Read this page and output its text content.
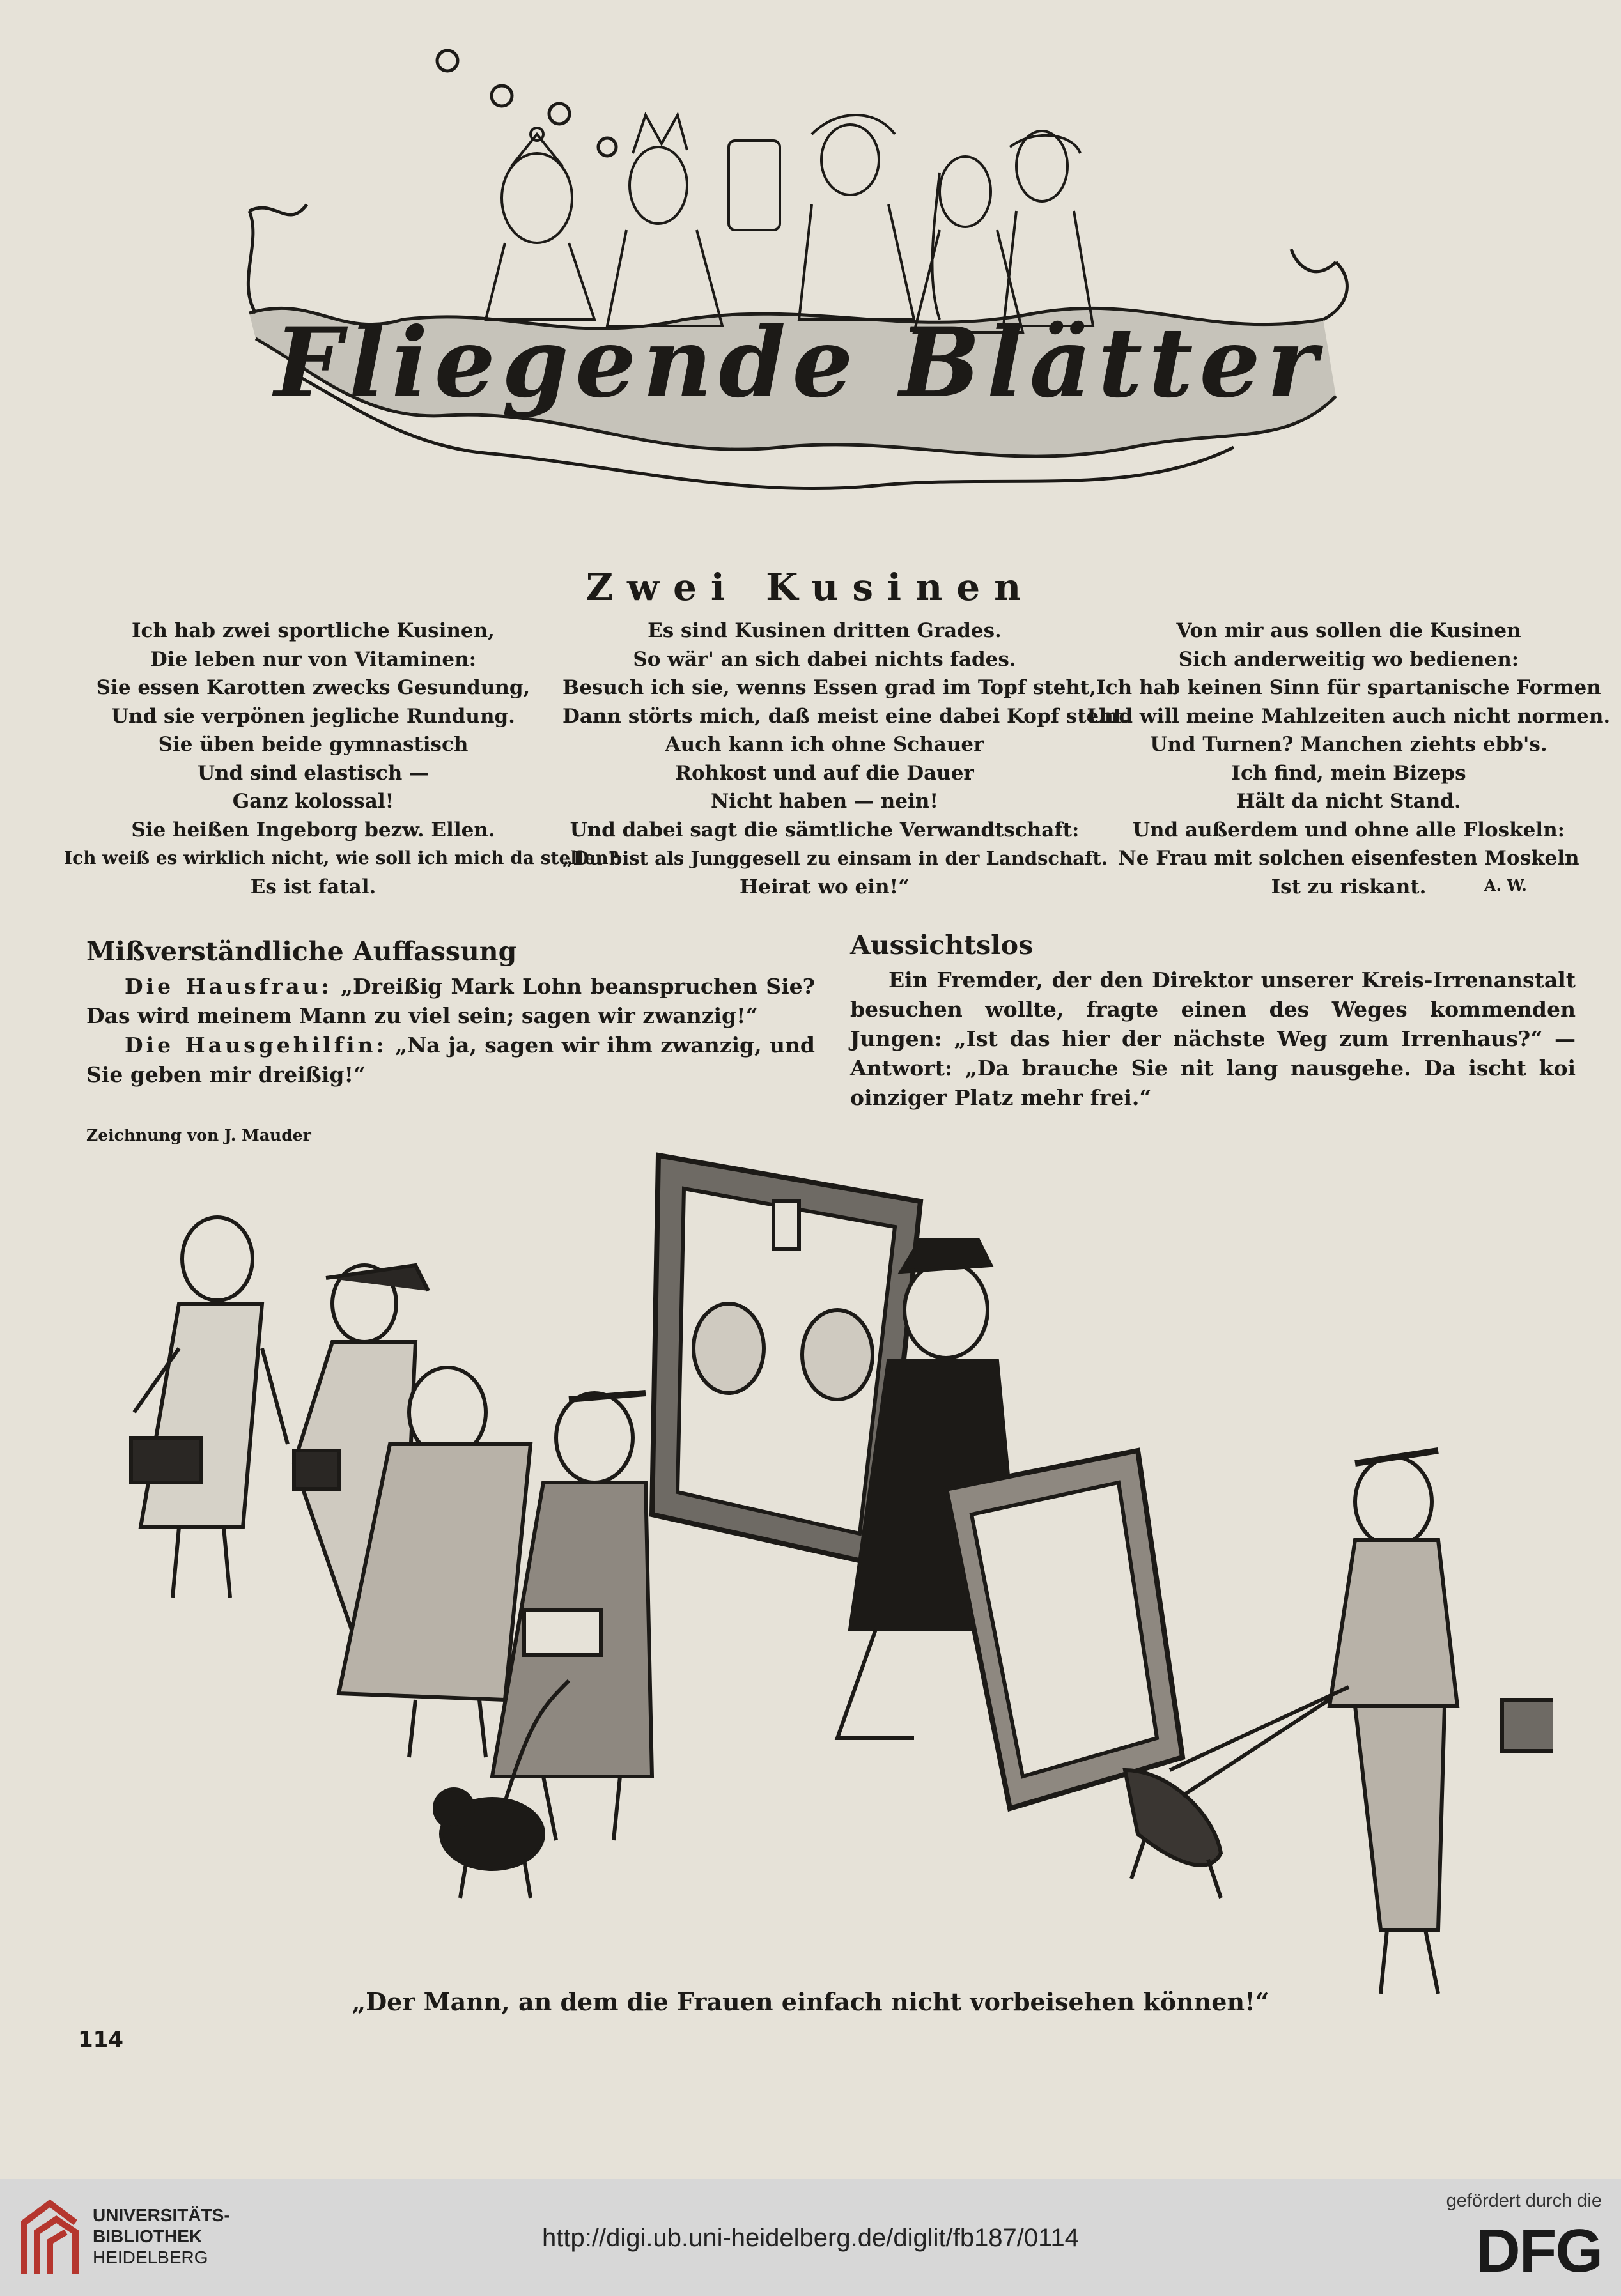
Fliegende Blätter
Zwei Kusinen
Ich hab zwei sportliche Kusinen,
Die leben nur von Vitaminen:
Sie essen Karotten zwecks Gesundung,
Und sie verpönen jegliche Rundung.
Sie üben beide gymnastisch
Und sind elastisch —
Ganz kolossal!
Sie heißen Ingeborg bezw. Ellen.
Ich weiß es wirklich nicht, wie soll ich mich da stellen?
Es ist fatal.
Es sind Kusinen dritten Grades.
So wär' an sich dabei nichts fades.
Besuch ich sie, wenns Essen grad im Topf steht,
Dann störts mich, daß meist eine dabei Kopf steht.
Auch kann ich ohne Schauer
Rohkost und auf die Dauer
Nicht haben — nein!
Und dabei sagt die sämtliche Verwandtschaft:
„Du bist als Junggesell zu einsam in der Landschaft.
Heirat wo ein!“
Von mir aus sollen die Kusinen
Sich anderweitig wo bedienen:
Ich hab keinen Sinn für spartanische Formen
Und will meine Mahlzeiten auch nicht normen.
Und Turnen? Manchen ziehts ebb's.
Ich find, mein Bizeps
Hält da nicht Stand.
Und außerdem und ohne alle Floskeln:
Ne Frau mit solchen eisenfesten Moskeln
Ist zu riskant.	A. W.
Mißverständliche Auffassung

Die Hausfrau: „Dreißig Mark Lohn beanspruchen Sie? Das wird meinem Mann zu viel sein; sagen wir zwanzig!“

Die Hausgehilfin: „Na ja, sagen wir ihm zwanzig, und Sie geben mir dreißig!“

Aussichtslos

Ein Fremder, der den Direktor unserer Kreis-Irrenanstalt besuchen wollte, fragte einen des Weges kommenden Jungen: „Ist das hier der nächste Weg zum Irrenhaus?“ — Antwort: „Da brauche Sie nit lang nausgehe. Da ischt koi oinziger Platz mehr frei.“

Zeichnung von J. Mauder
„Der Mann, an dem die Frauen einfach nicht vorbeisehen können!“
114
UNIVERSITÄTS-
BIBLIOTHEK
HEIDELBERG
http://digi.ub.uni-heidelberg.de/diglit/fb187/0114
gefördert durch die
DFG
